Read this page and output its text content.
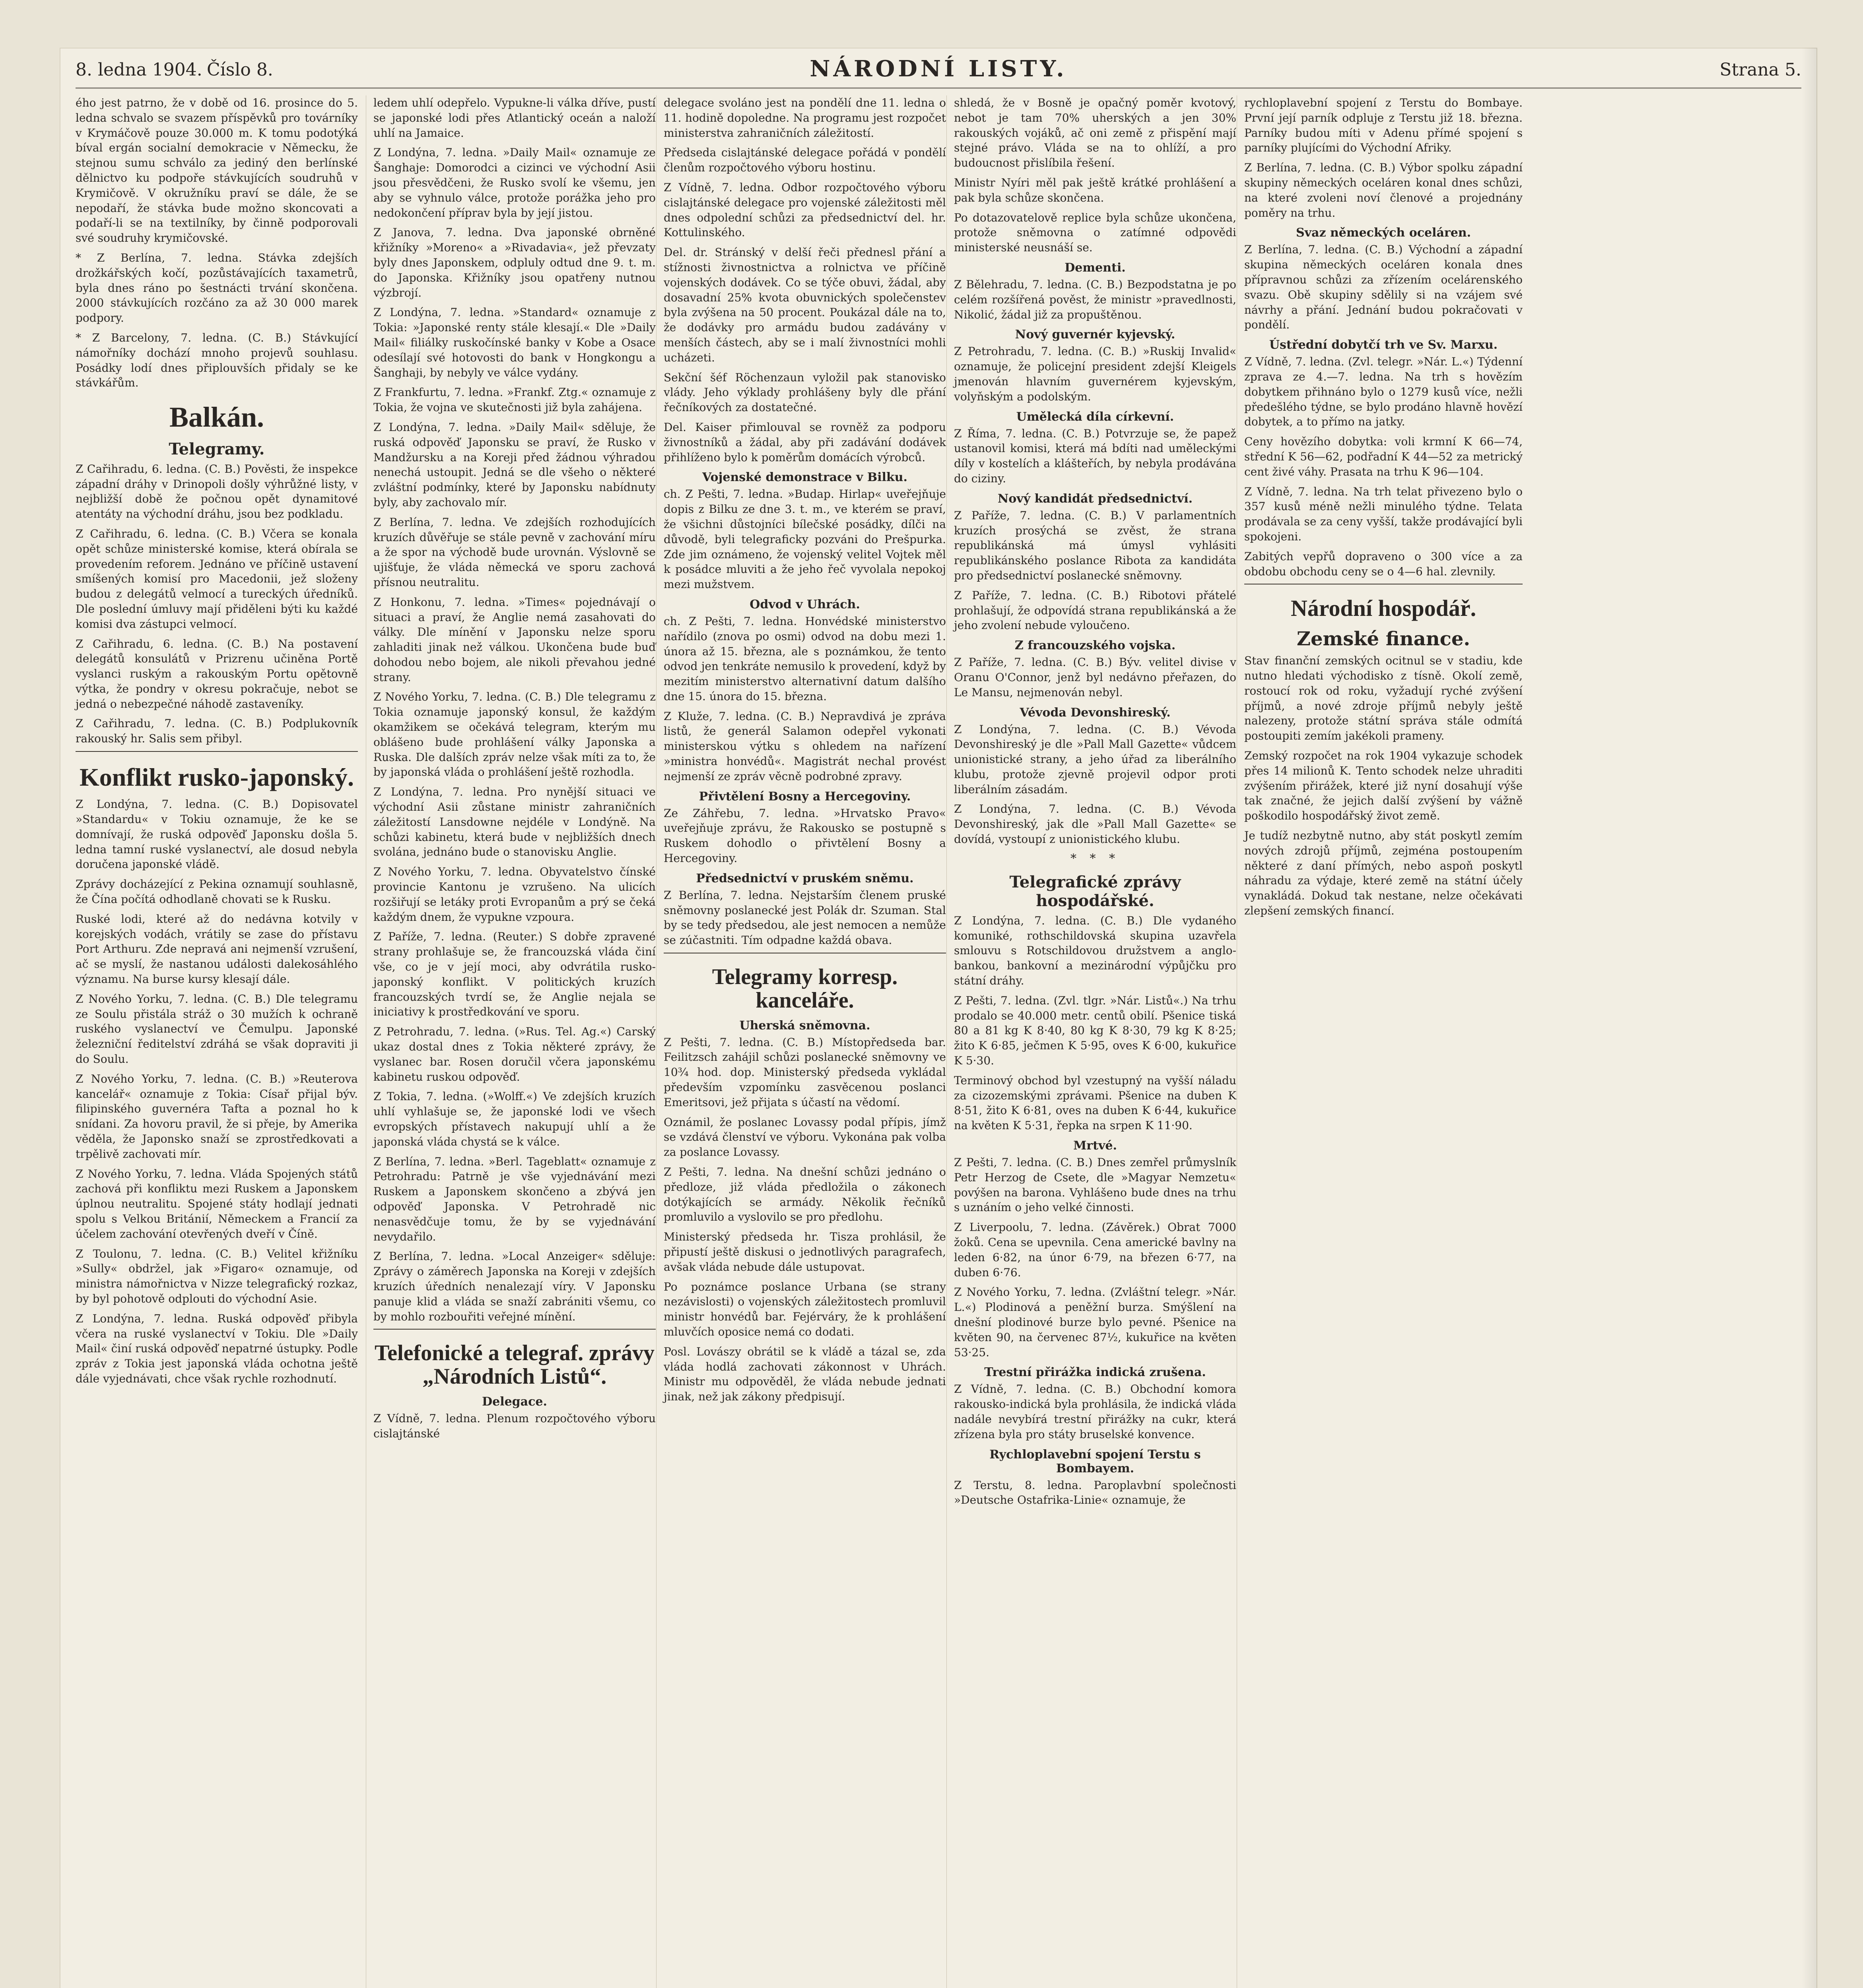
8. ledna 1904. Číslo 8.	NÁRODNÍ LISTY.	Strana 5.

ého jest patrno, že v době od 16. prosince do 5. ledna schvalo se svazem příspěvků pro továrníky v Krymáčově pouze 30.000 m. K tomu podotýká bíval ergán socialní demokracie v Německu, že stejnou sumu schválo za jediný den berlínské dělnictvo ku podpoře stávkujících soudruhů v Krymičově. V okružníku praví se dále, že se nepodaří, že stávka bude možno skoncovati a podaří-li se na textilníky, by činně podporovali své soudruhy krymičovské.

* Z Berlína, 7. ledna. Stávka zdejších drožkářských kočí, pozůstávajících taxametrů, byla dnes ráno po šestnácti trvání skončena. 2000 stávkujících rozčáno za až 30 000 marek podpory.

* Z Barcelony, 7. ledna. (C. B.) Stávkující námořníky dochází mnoho projevů souhlasu. Posádky lodí dnes připlouvších přidaly se ke stávkářům.

Balkán.
Telegramy.

Z Cařihradu, 6. ledna. (C. B.) Pověsti, že inspekce západní dráhy v Drinopoli došly výhrůžné listy, v nejbližší době že počnou opět dynamitové atentáty na východní dráhu, jsou bez podkladu.

Z Cařihradu, 6. ledna. (C. B.) Včera se konala opět schůze ministerské komise, která obírala se provedením reforem. Jednáno ve příčině ustavení smíšených komisí pro Macedonii, jež složeny budou z delegátů velmocí a tureckých úředníků. Dle poslední úmluvy mají přiděleni býti ku každé komisi dva zástupci velmocí.

Z Cařihradu, 6. ledna. (C. B.) Na postavení delegátů konsulátů v Prizrenu učiněna Portě vyslanci ruským a rakouským Portu opětovně výtka, že pondry v okresu pokračuje, nebot se jedná o nebezpečné náhodě zastaveníky.

Z Cařihradu, 7. ledna. (C. B.) Podplukovník rakouský hr. Salis sem přibyl.

Konflikt rusko-japonský.

Z Londýna, 7. ledna. (C. B.) Dopisovatel »Standardu« v Tokiu oznamuje, že ke se domnívají, že ruská odpověď Japonsku došla 5. ledna tamní ruské vyslanectví, ale dosud nebyla doručena japonské vládě.

Zprávy docházející z Pekina oznamují souhlasně, že Čína počítá odhodlaně chovati se k Rusku.

Ruské lodi, které až do nedávna kotvily v korejských vodách, vrátily se zase do přístavu Port Arthuru. Zde nepravá ani nejmenší vzrušení, ač se myslí, že nastanou události dalekosáhlého významu. Na burse kursy klesají dále.

Z Nového Yorku, 7. ledna. (C. B.) Dle telegramu ze Soulu přistála stráž o 30 mužích k ochraně ruského vyslanectví ve Čemulpu. Japonské železniční ředitelství zdráhá se však dopraviti ji do Soulu.

Z Nového Yorku, 7. ledna. (C. B.) »Reuterova kancelář« oznamuje z Tokia: Císař přijal býv. filipinského guvernéra Tafta a poznal ho k snídani. Za hovoru pravil, že si přeje, by Amerika věděla, že Japonsko snaží se zprostředkovati a trpělivě zachovati mír.

Z Nového Yorku, 7. ledna. Vláda Spojených států zachová při konfliktu mezi Ruskem a Japonskem úplnou neutralitu. Spojené státy hodlají jednati spolu s Velkou Británií, Německem a Francií za účelem zachování otevřených dveří v Číně.

Z Toulonu, 7. ledna. (C. B.) Velitel křižníku »Sully« obdržel, jak »Figaro« oznamuje, od ministra námořnictva v Nizze telegrafický rozkaz, by byl pohotově odplouti do východní Asie.

Z Londýna, 7. ledna. Ruská odpověď přibyla včera na ruské vyslanectví v Tokiu. Dle »Daily Mail« činí ruská odpověď nepatrné ústupky. Podle zpráv z Tokia jest japonská vláda ochotna ještě dále vyjednávati, chce však rychle rozhodnutí.

ledem uhlí odepřelo. Vypukne-li válka dříve, pustí se japonské lodi přes Atlantický oceán a naloží uhlí na Jamaice.

Z Londýna, 7. ledna. »Daily Mail« oznamuje ze Šanghaje: Domorodci a cizinci ve východní Asii jsou přesvědčeni, že Rusko svolí ke všemu, jen aby se vyhnulo válce, protože porážka jeho pro nedokončení příprav byla by její jistou.

Z Janova, 7. ledna. Dva japonské obrněné křižníky »Moreno« a »Rivadavia«, jež převzaty byly dnes Japonskem, odpluly odtud dne 9. t. m. do Japonska. Křižníky jsou opatřeny nutnou výzbrojí.

Z Londýna, 7. ledna. »Standard« oznamuje z Tokia: »Japonské renty stále klesají.« Dle »Daily Mail« filiálky ruskočínské banky v Kobe a Osace odesílají své hotovosti do bank v Hongkongu a Šanghaji, by nebyly ve válce vydány.

Z Frankfurtu, 7. ledna. »Frankf. Ztg.« oznamuje z Tokia, že vojna ve skutečnosti již byla zahájena.

Z Londýna, 7. ledna. »Daily Mail« sděluje, že ruská odpověď Japonsku se praví, že Rusko v Mandžursku a na Koreji před žádnou výhradou nenechá ustoupit. Jedná se dle všeho o některé zvláštní podmínky, které by Japonsku nabídnuty byly, aby zachovalo mír.

Z Berlína, 7. ledna. Ve zdejších rozhodujících kruzích důvěřuje se stále pevně v zachování míru a že spor na východě bude urovnán. Výslovně se ujišťuje, že vláda německá ve sporu zachová přísnou neutralitu.

Z Honkonu, 7. ledna. »Times« pojednávají o situaci a praví, že Anglie nemá zasahovati do války. Dle mínění v Japonsku nelze sporu zahladiti jinak než válkou. Ukončena bude buď dohodou nebo bojem, ale nikoli převahou jedné strany.

Z Nového Yorku, 7. ledna. (C. B.) Dle telegramu z Tokia oznamuje japonský konsul, že každým okamžikem se očekává telegram, kterým mu oblášeno bude prohlášení války Japonska a Ruska. Dle dalších zpráv nelze však míti za to, že by japonská vláda o prohlášení ještě rozhodla.

Z Londýna, 7. ledna. Pro nynější situaci ve východní Asii zůstane ministr zahraničních záležitostí Lansdowne nejdéle v Londýně. Na schůzi kabinetu, která bude v nejbližších dnech svolána, jednáno bude o stanovisku Anglie.

Z Nového Yorku, 7. ledna. Obyvatelstvo čínské provincie Kantonu je vzrušeno. Na ulicích rozšiřují se letáky proti Evropanům a prý se čeká každým dnem, že vypukne vzpoura.

Z Paříže, 7. ledna. (Reuter.) S dobře zpravené strany prohlašuje se, že francouzská vláda činí vše, co je v její moci, aby odvrátila rusko-japonský konflikt. V politických kruzích francouzských tvrdí se, že Anglie nejala se iniciativy k prostředkování ve sporu.

Z Petrohradu, 7. ledna. (»Rus. Tel. Ag.«) Carský ukaz dostal dnes z Tokia některé zprávy, že vyslanec bar. Rosen doručil včera japonskému kabinetu ruskou odpověď.

Z Tokia, 7. ledna. (»Wolff.«) Ve zdejších kruzích uhlí vyhlašuje se, že japonské lodi ve všech evropských přístavech nakupují uhlí a že japonská vláda chystá se k válce.

Z Berlína, 7. ledna. »Berl. Tageblatt« oznamuje z Petrohradu: Patrně je vše vyjednávání mezi Ruskem a Japonskem skončeno a zbývá jen odpověď Japonska. V Petrohradě nic nenasvědčuje tomu, že by se vyjednávání nevydařilo.

Z Berlína, 7. ledna. »Local Anzeiger« sděluje: Zprávy o záměrech Japonska na Koreji v zdejších kruzích úředních nenalezají víry. V Japonsku panuje klid a vláda se snaží zabrániti všemu, co by mohlo rozbouřiti veřejné mínění.

Telefonické a telegraf. zprávy „Národních Listů“.
Delegace.

Z Vídně, 7. ledna. Plenum rozpočtového výboru cislajtánské

delegace svoláno jest na pondělí dne 11. ledna o 11. hodině dopoledne. Na programu jest rozpočet ministerstva zahraničních záležitostí.

Předseda cislajtánské delegace pořádá v pondělí členům rozpočtového výboru hostinu.

Z Vídně, 7. ledna. Odbor rozpočtového výboru cislajtánské delegace pro vojenské záležitosti měl dnes odpolední schůzi za předsednictví del. hr. Kottulinského.

Del. dr. Stránský v delší řeči přednesl přání a stížnosti živnostnictva a rolnictva ve příčině vojenských dodávek. Co se týče obuvi, žádal, aby dosavadní 25% kvota obuvnických společenstev byla zvýšena na 50 procent. Poukázal dále na to, že dodávky pro armádu budou zadávány v menších částech, aby se i malí živnostníci mohli ucházeti.

Sekční šéf Röchenzaun vyložil pak stanovisko vlády. Jeho výklady prohlášeny byly dle přání řečníkových za dostatečné.

Del. Kaiser přimlouval se rovněž za podporu živnostníků a žádal, aby při zadávání dodávek přihlíženo bylo k poměrům domácích výrobců.

Vojenské demonstrace v Bilku.

ch. Z Pešti, 7. ledna. »Budap. Hirlap« uveřejňuje dopis z Bilku ze dne 3. t. m., ve kterém se praví, že všichni důstojníci bílečské posádky, dílči na důvodě, byli telegraficky pozváni do Prešpurka. Zde jim oznámeno, že vojenský velitel Vojtek měl k posádce mluviti a že jeho řeč vyvolala nepokoj mezi mužstvem.

Odvod v Uhrách.

ch. Z Pešti, 7. ledna. Honvédské ministerstvo nařídilo (znova po osmi) odvod na dobu mezi 1. února až 15. března, ale s poznámkou, že tento odvod jen tenkráte nemusilo k provedení, když by mezitím ministerstvo alternativní datum dalšího dne 15. února do 15. března.

Z Kluže, 7. ledna. (C. B.) Nepravdivá je zpráva listů, že generál Salamon odepřel vykonati ministerskou výtku s ohledem na nařízení »ministra honvédů«. Magistrát nechal provést nejmenší ze zpráv věcně podrobné zpravy.

Přivtělení Bosny a Hercegoviny.

Ze Záhřebu, 7. ledna. »Hrvatsko Pravo« uveřejňuje zprávu, že Rakousko se postupně s Ruskem dohodlo o přivtělení Bosny a Hercegoviny.

Předsednictví v pruském sněmu.

Z Berlína, 7. ledna. Nejstarším členem pruské sněmovny poslanecké jest Polák dr. Szuman. Stal by se tedy předsedou, ale jest nemocen a nemůže se zúčastniti. Tím odpadne každá obava.

Telegramy korresp. kanceláře.
Uherská sněmovna.

Z Pešti, 7. ledna. (C. B.) Místopředseda bar. Feilitzsch zahájil schůzi poslanecké sněmovny ve 10¾ hod. dop. Ministerský předseda vykládal především vzpomínku zasvěcenou poslanci Emeritsovi, jež přijata s účastí na vědomí.

Oznámil, že poslanec Lovassy podal přípis, jímž se vzdává členství ve výboru. Vykonána pak volba za poslance Lovassy.

Z Pešti, 7. ledna. Na dnešní schůzi jednáno o předloze, již vláda předložila o zákonech dotýkajících se armády. Několik řečníků promluvilo a vyslovilo se pro předlohu.

Ministerský předseda hr. Tisza prohlásil, že připustí ještě diskusi o jednotlivých paragrafech, avšak vláda nebude dále ustupovat.

Po poznámce poslance Urbana (se strany nezávislosti) o vojenských záležitostech promluvil ministr honvédů bar. Fejérváry, že k prohlášení mluvčích oposice nemá co dodati.

Posl. Lovászy obrátil se k vládě a tázal se, zda vláda hodlá zachovati zákonnost v Uhrách. Ministr mu odpověděl, že vláda nebude jednati jinak, než jak zákony předpisují.

shledá, že v Bosně je opačný poměr kvotový, nebot je tam 70% uherských a jen 30% rakouských vojáků, ač oni země z přispění mají stejné právo. Vláda se na to ohlíží, a pro budoucnost přislíbila řešení.

Ministr Nyíri měl pak ještě krátké prohlášení a pak byla schůze skončena.

Po dotazovatelově replice byla schůze ukončena, protože sněmovna o zatímné odpovědi ministerské neusnáší se.

Dementi.

Z Bělehradu, 7. ledna. (C. B.) Bezpodstatna je po celém rozšířená pověst, že ministr »pravedlnosti, Nikolić, žádal již za propuštěnou.

Nový guvernér kyjevský.

Z Petrohradu, 7. ledna. (C. B.) »Ruskij Invalid« oznamuje, že policejní president zdejší Kleigels jmenován hlavním guvernérem kyjevským, volyňským a podolským.

Umělecká díla církevní.

Z Říma, 7. ledna. (C. B.) Potvrzuje se, že papež ustanovil komisi, která má bdíti nad uměleckými díly v kostelích a klášteřích, by nebyla prodávána do ciziny.

Nový kandidát předsednictví.

Z Paříže, 7. ledna. (C. B.) V parlamentních kruzích prosýchá se zvěst, že strana republikánská má úmysl vyhlásiti republikánského poslance Ribota za kandidáta pro předsednictví poslanecké sněmovny.

Z Paříže, 7. ledna. (C. B.) Ribotovi přátelé prohlašují, že odpovídá strana republikánská a že jeho zvolení nebude vyloučeno.

Z francouzského vojska.

Z Paříže, 7. ledna. (C. B.) Býv. velitel divise v Oranu O'Connor, jenž byl nedávno přeřazen, do Le Mansu, nejmenován nebyl.

Vévoda Devonshireský.

Z Londýna, 7. ledna. (C. B.) Vévoda Devonshireský je dle »Pall Mall Gazette« vůdcem unionistické strany, a jeho úřad za liberálního klubu, protože zjevně projevil odpor proti liberálním zásadám.

Z Londýna, 7. ledna. (C. B.) Vévoda Devonshireský, jak dle »Pall Mall Gazette« se dovídá, vystoupí z unionistického klubu.

* * *
Telegrafické zprávy hospodářské.

Z Londýna, 7. ledna. (C. B.) Dle vydaného komuniké, rothschildovská skupina uzavřela smlouvu s Rotschildovou družstvem a anglo-bankou, bankovní a mezinárodní výpůjčku pro státní dráhy.

Z Pešti, 7. ledna. (Zvl. tlgr. »Nár. Listů«.) Na trhu prodalo se 40.000 metr. centů obilí. Pšenice tiská 80 a 81 kg K 8·40, 80 kg K 8·30, 79 kg K 8·25; žito K 6·85, ječmen K 5·95, oves K 6·00, kukuřice K 5·30.

Terminový obchod byl vzestupný na vyšší náladu za cizozemskými zprávami. Pšenice na duben K 8·51, žito K 6·81, oves na duben K 6·44, kukuřice na květen K 5·31, řepka na srpen K 11·90.

Mrtvé.

Z Pešti, 7. ledna. (C. B.) Dnes zemřel průmyslník Petr Herzog de Csete, dle »Magyar Nemzetu« povýšen na barona. Vyhlášeno bude dnes na trhu s uznáním o jeho velké činnosti.

Z Liverpoolu, 7. ledna. (Závěrek.) Obrat 7000 žoků. Cena se upevnila. Cena americké bavlny na leden 6·82, na únor 6·79, na březen 6·77, na duben 6·76.

Z Nového Yorku, 7. ledna. (Zvláštní telegr. »Nár. L.«) Plodinová a peněžní burza. Smýšlení na dnešní plodinové burze bylo pevné. Pšenice na květen 90, na červenec 87½, kukuřice na květen 53·25.

Trestní přirážka indická zrušena.

Z Vídně, 7. ledna. (C. B.) Obchodní komora rakousko-indická byla prohlásila, že indická vláda nadále nevybírá trestní přirážky na cukr, která zřízena byla pro státy bruselské konvence.

Rychloplavební spojení Terstu s Bombayem.

Z Terstu, 8. ledna. Paroplavbní společnosti »Deutsche Ostafrika-Linie« oznamuje, že

rychloplavební spojení z Terstu do Bombaye. První její parník odpluje z Terstu již 18. března. Parníky budou míti v Adenu přímé spojení s parníky plujícími do Východní Afriky.

Z Berlína, 7. ledna. (C. B.) Výbor spolku západní skupiny německých oceláren konal dnes schůzi, na které zvoleni noví členové a projednány poměry na trhu.

Svaz německých oceláren.

Z Berlína, 7. ledna. (C. B.) Východní a západní skupina německých oceláren konala dnes přípravnou schůzi za zřízením ocelárenského svazu. Obě skupiny sdělily si na vzájem své návrhy a přání. Jednání budou pokračovati v pondělí.

Ústřední dobytčí trh ve Sv. Marxu.

Z Vídně, 7. ledna. (Zvl. telegr. »Nár. L.«) Týdenní zprava ze 4.—7. ledna. Na trh s hovězím dobytkem přihnáno bylo o 1279 kusů více, nežli předešlého týdne, se bylo prodáno hlavně hovězí dobytek, a to přímo na jatky.

Ceny hovězího dobytka: voli krmní K 66—74, střední K 56—62, podřadní K 44—52 za metrický cent živé váhy. Prasata na trhu K 96—104.

Z Vídně, 7. ledna. Na trh telat přivezeno bylo o 357 kusů méně nežli minulého týdne. Telata prodávala se za ceny vyšší, takže prodávající byli spokojeni.

Zabitých vepřů dopraveno o 300 více a za obdobu obchodu ceny se o 4—6 hal. zlevnily.

Národní hospodář.
Zemské finance.

Stav finanční zemských ocitnul se v stadiu, kde nutno hledati východisko z tísně. Okolí země, rostoucí rok od roku, vyžadují ryché zvýšení příjmů, a nové zdroje příjmů nebyly ještě nalezeny, protože státní správa stále odmítá postoupiti zemím jakékoli prameny.

Zemský rozpočet na rok 1904 vykazuje schodek přes 14 milionů K. Tento schodek nelze uhraditi zvýšením přirážek, které již nyní dosahují výše tak značné, že jejich další zvýšení by vážně poškodilo hospodářský život země.

Je tudíž nezbytně nutno, aby stát poskytl zemím nových zdrojů příjmů, zejména postoupením některé z daní přímých, nebo aspoň poskytl náhradu za výdaje, které země na státní účely vynakládá. Dokud tak nestane, nelze očekávati zlepšení zemských financí.
